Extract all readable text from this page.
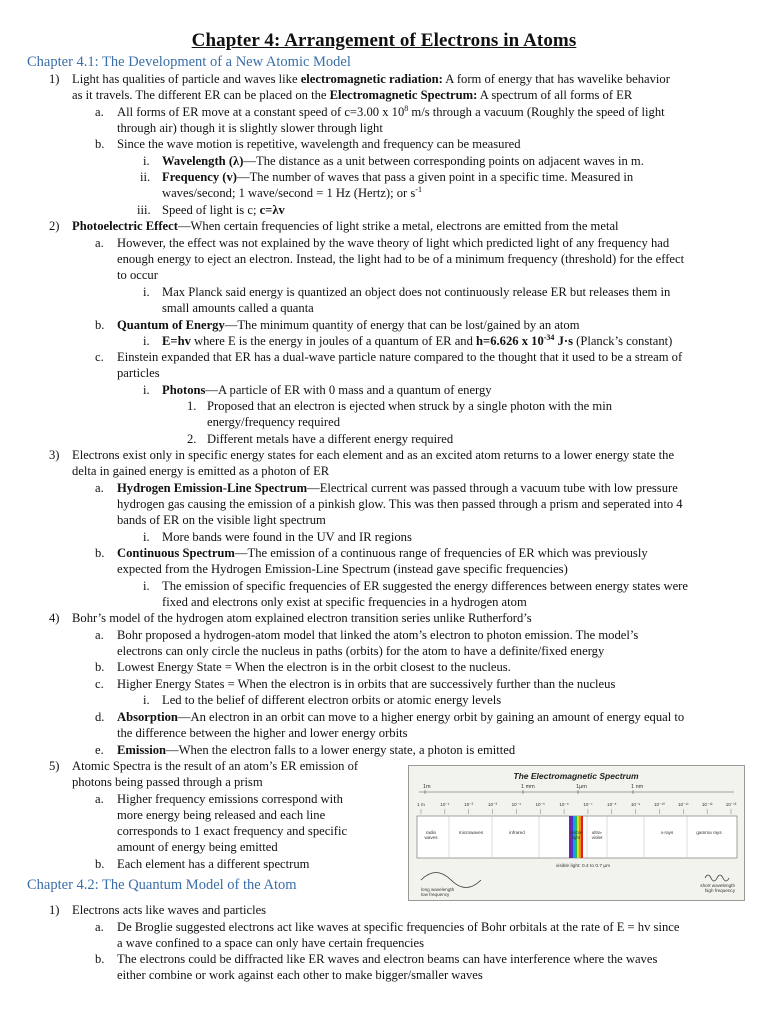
Chapter 4: Arrangement of Electrons in Atoms
Chapter 4.1: The Development of a New Atomic Model
1) Light has qualities of particle and waves like electromagnetic radiation: A form of energy that has wavelike behavior
as it travels. The different ER can be placed on the Electromagnetic Spectrum: A spectrum of all forms of ER
a. All forms of ER move at a constant speed of c=3.00 x $10^8$ m/s through a vacuum (Roughly the speed of light
through air) though it is slightly slower through light
b. Since the wave motion is repetitive, wavelength and frequency can be measured
i. Wavelength (λ)—The distance as a unit between corresponding points on adjacent waves in m.
ii. Frequency (v)—The number of waves that pass a given point in a specific time. Measured in
waves/second; 1 wave/second = 1 Hz (Hertz); or $s^{-1}$
iii. Speed of light is c; c=λv
2) Photoelectric Effect—When certain frequencies of light strike a metal, electrons are emitted from the metal
a. However, the effect was not explained by the wave theory of light which predicted light of any frequency had
enough energy to eject an electron. Instead, the light had to be of a minimum frequency (threshold) for the effect
to occur
i. Max Planck said energy is quantized an object does not continuously release ER but releases them in
small amounts called a quanta
b. Quantum of Energy—The minimum quantity of energy that can be lost/gained by an atom
i. E=hv where E is the energy in joules of a quantum of ER and h=6.626 x $10^{-34}$ J·s (Planck’s constant)
c. Einstein expanded that ER has a dual-wave particle nature compared to the thought that it used to be a stream of
particles
i. Photons—A particle of ER with 0 mass and a quantum of energy
1. Proposed that an electron is ejected when struck by a single photon with the min
energy/frequency required
2. Different metals have a different energy required
3) Electrons exist only in specific energy states for each element and as an excited atom returns to a lower energy state the
delta in gained energy is emitted as a photon of ER
a. Hydrogen Emission-Line Spectrum—Electrical current was passed through a vacuum tube with low pressure
hydrogen gas causing the emission of a pinkish glow. This was then passed through a prism and seperated into 4
bands of ER on the visible light spectrum
i. More bands were found in the UV and IR regions
b. Continuous Spectrum—The emission of a continuous range of frequencies of ER which was previously
expected from the Hydrogen Emission-Line Spectrum (instead gave specific frequencies)
i. The emission of specific frequencies of ER suggested the energy differences between energy states were
fixed and electrons only exist at specific frequencies in a hydrogen atom
4) Bohr’s model of the hydrogen atom explained electron transition series unlike Rutherford’s
a. Bohr proposed a hydrogen-atom model that linked the atom’s electron to photon emission. The model’s
electrons can only circle the nucleus in paths (orbits) for the atom to have a definite/fixed energy
b. Lowest Energy State = When the electron is in the orbit closest to the nucleus.
c. Higher Energy States = When the electron is in orbits that are successively further than the nucleus
i. Led to the belief of different electron orbits or atomic energy levels
d. Absorption—An electron in an orbit can move to a higher energy orbit by gaining an amount of energy equal to
the difference between the higher and lower energy orbits
e. Emission—When the electron falls to a lower energy state, a photon is emitted
5) Atomic Spectra is the result of an atom’s ER emission of
photons being passed through a prism
a. Higher frequency emissions correspond with
more energy being released and each line
corresponds to 1 exact frequency and specific
amount of energy being emitted
b. Each element has a different spectrum
The Electromagnetic Spectrum
1m	1 mm	1µm	1 nm
1 m	10⁻¹	10⁻²	10⁻³	10⁻⁴	10⁻⁵	10⁻⁶	10⁻⁷	10⁻⁸	10⁻⁹	10⁻¹⁰	10⁻¹¹	10⁻¹²	10⁻¹³
radio
waves
microwaves	infrared	visible
light
ultra-
violet
x-rays	gamma rays
visible light: 0.4 to 0.7 µm
long wavelength
low frequency
short wavelength
high frequency
Chapter 4.2: The Quantum Model of the Atom
1) Electrons acts like waves and particles
a. De Broglie suggested electrons act like waves at specific frequencies of Bohr orbitals at the rate of E = hv since
a wave confined to a space can only have certain frequencies
b. The electrons could be diffracted like ER waves and electron beams can have interference where the waves
either combine or work against each other to make bigger/smaller waves
